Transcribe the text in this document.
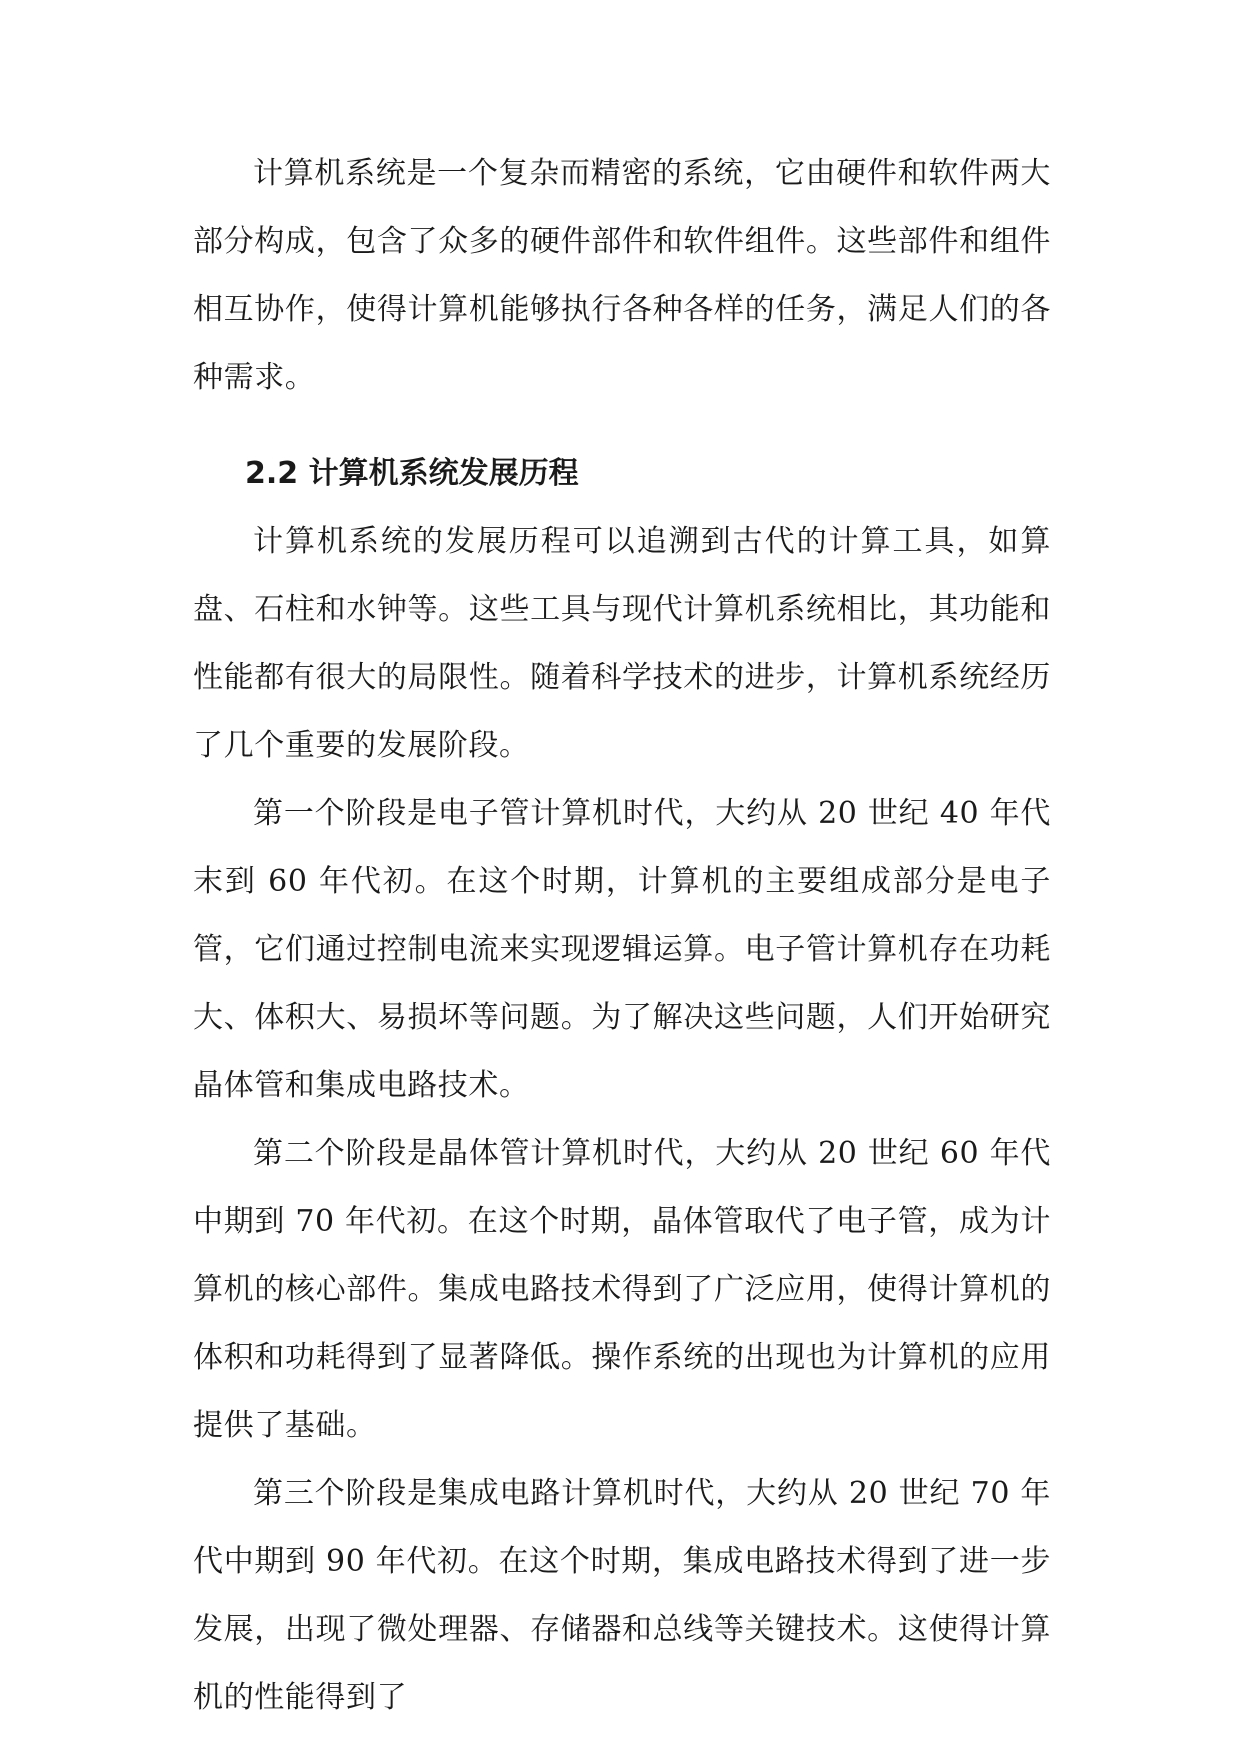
计算机系统是一个复杂而精密的系统，它由硬件和软件两大部分构成，包含了众多的硬件部件和软件组件。这些部件和组件相互协作，使得计算机能够执行各种各样的任务，满足人们的各种需求。

2.2 计算机系统发展历程

计算机系统的发展历程可以追溯到古代的计算工具，如算盘、石柱和水钟等。这些工具与现代计算机系统相比，其功能和性能都有很大的局限性。随着科学技术的进步，计算机系统经历了几个重要的发展阶段。

第一个阶段是电子管计算机时代，大约从 20 世纪 40 年代末到 60 年代初。在这个时期，计算机的主要组成部分是电子管，它们通过控制电流来实现逻辑运算。电子管计算机存在功耗大、体积大、易损坏等问题。为了解决这些问题，人们开始研究晶体管和集成电路技术。

第二个阶段是晶体管计算机时代，大约从 20 世纪 60 年代中期到 70 年代初。在这个时期，晶体管取代了电子管，成为计算机的核心部件。集成电路技术得到了广泛应用，使得计算机的体积和功耗得到了显著降低。操作系统的出现也为计算机的应用提供了基础。

第三个阶段是集成电路计算机时代，大约从 20 世纪 70 年代中期到 90 年代初。在这个时期，集成电路技术得到了进一步发展，出现了微处理器、存储器和总线等关键技术。这使得计算机的性能得到了
